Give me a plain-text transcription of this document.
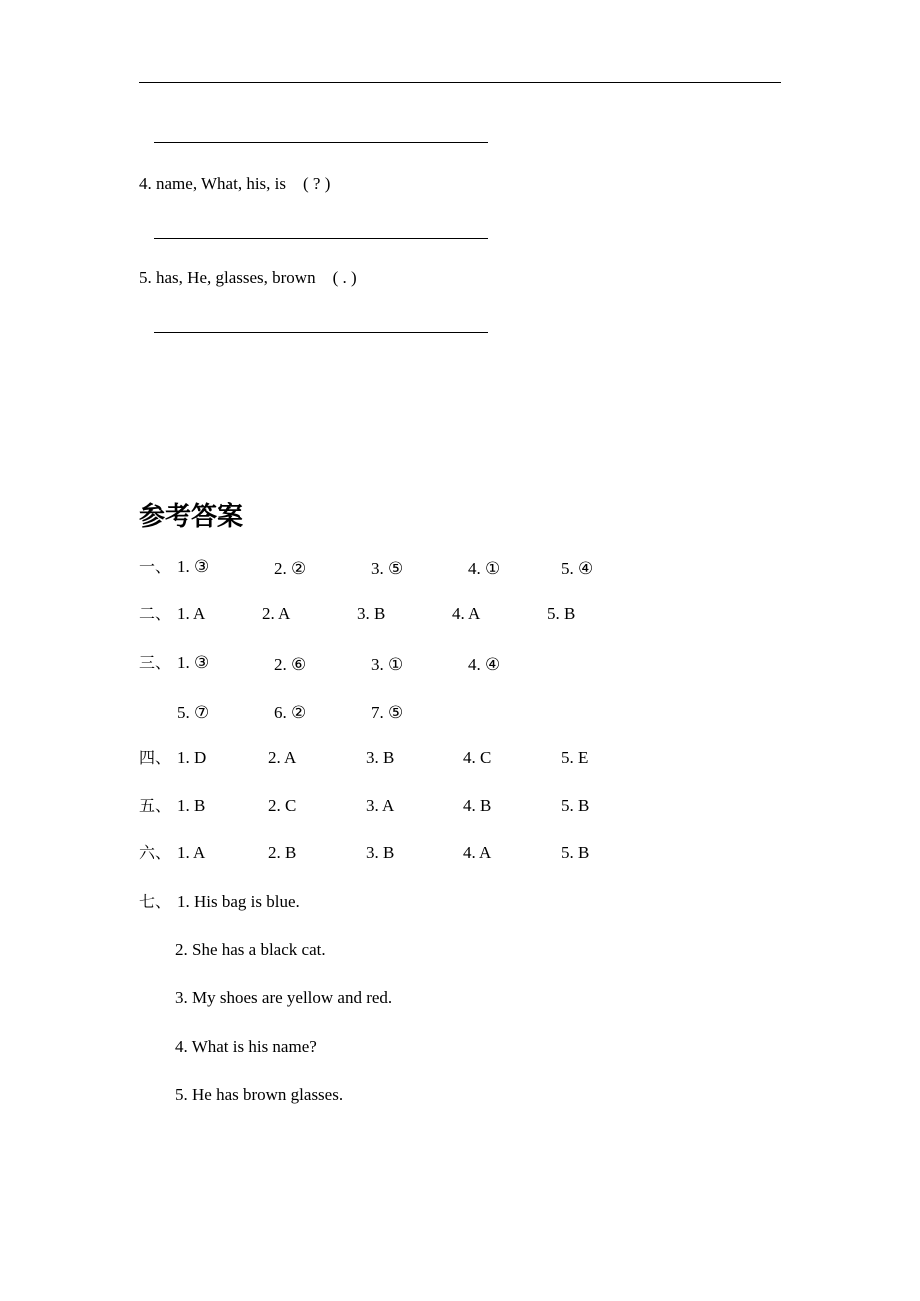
4. name, What, his, is ( ? )
5. has, He, glasses, brown ( . )
参考答案
一、 1. ③	2. ②	3. ⑤	4. ①	5. ④
二、 1. A	2. A	3. B	4. A	5. B
三、 1. ③	2. ⑥	3. ①	4. ④
5. ⑦	6. ②	7. ⑤
四、 1. D	2. A	3. B	4. C	5. E
五、 1. B	2. C	3. A	4. B	5. B
六、 1. A	2. B	3. B	4. A	5. B
七、 1. His bag is blue.
2. She has a black cat.
3. My shoes are yellow and red.
4. What is his name?
5. He has brown glasses.
